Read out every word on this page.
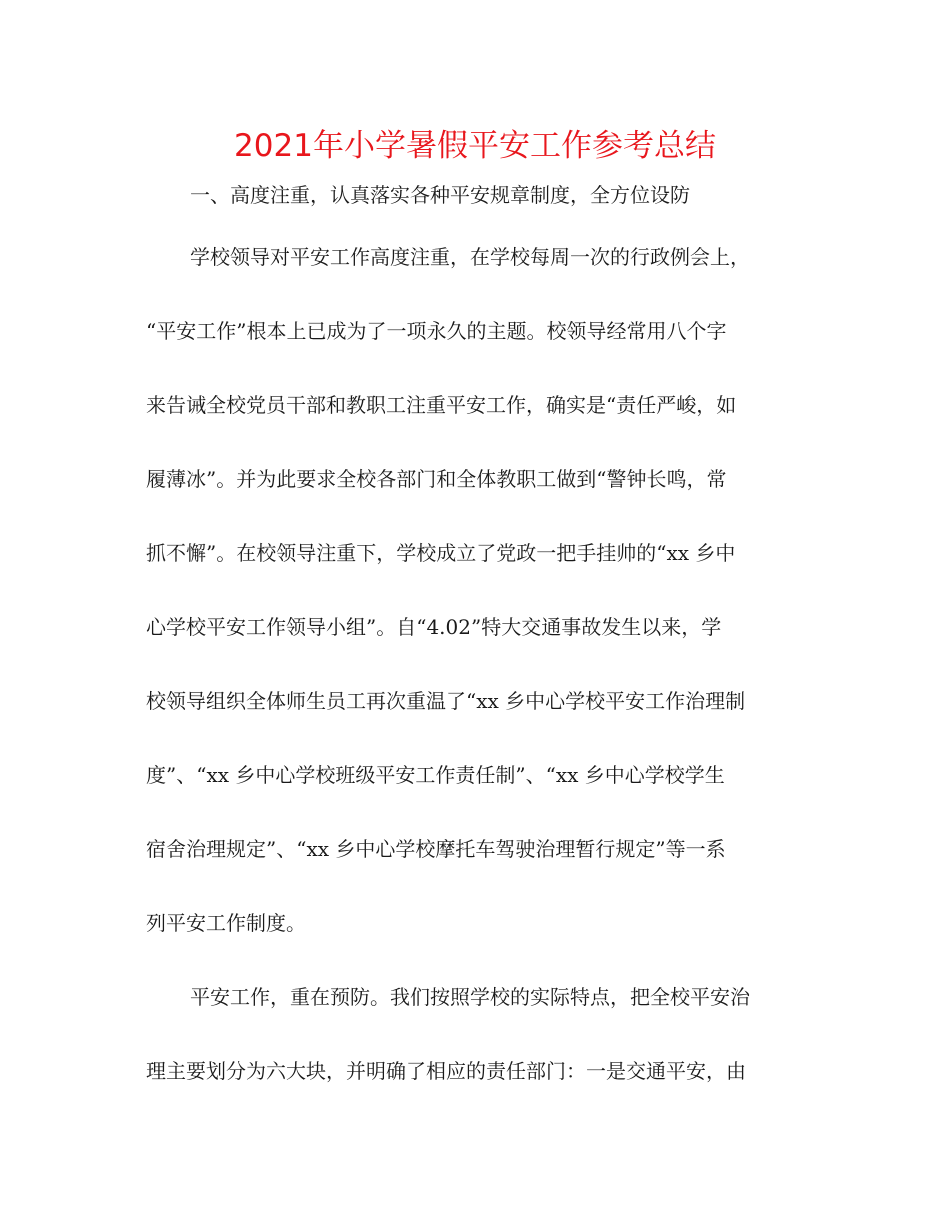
2021年小学暑假平安工作参考总结
一、高度注重，认真落实各种平安规章制度，全方位设防
学校领导对平安工作高度注重，在学校每周一次的行政例会上，
“平安工作”根本上已成为了一项永久的主题。校领导经常用八个字
来告诫全校党员干部和教职工注重平安工作，确实是“责任严峻，如
履薄冰”。并为此要求全校各部门和全体教职工做到“警钟长鸣，常
抓不懈”。在校领导注重下，学校成立了党政一把手挂帅的“xx 乡中
心学校平安工作领导小组”。自“4.02”特大交通事故发生以来，学
校领导组织全体师生员工再次重温了“xx 乡中心学校平安工作治理制
度”、“xx 乡中心学校班级平安工作责任制”、“xx 乡中心学校学生
宿舍治理规定”、“xx 乡中心学校摩托车驾驶治理暂行规定”等一系
列平安工作制度。
平安工作，重在预防。我们按照学校的实际特点，把全校平安治
理主要划分为六大块，并明确了相应的责任部门：一是交通平安，由
